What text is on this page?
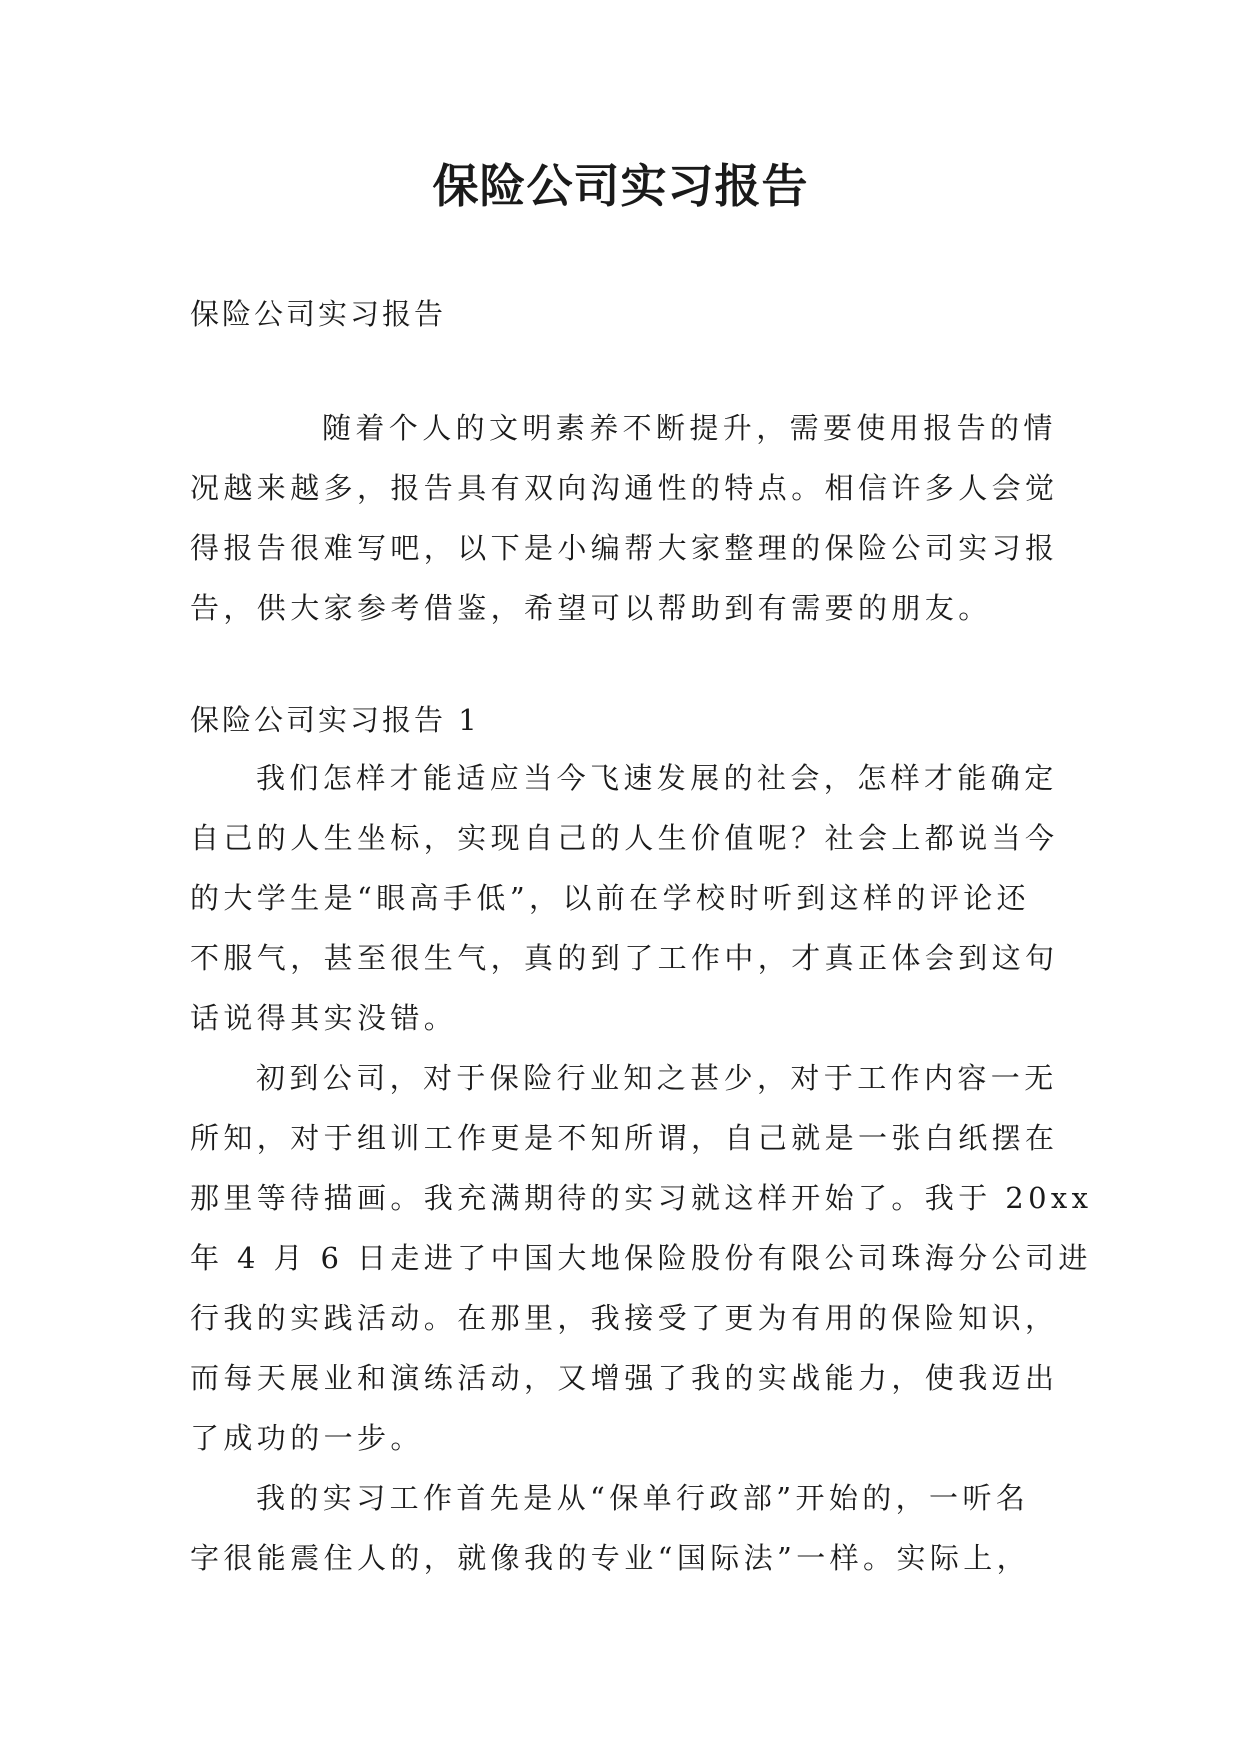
保险公司实习报告
保险公司实习报告
随着个人的文明素养不断提升，需要使用报告的情
况越来越多，报告具有双向沟通性的特点。相信许多人会觉
得报告很难写吧，以下是小编帮大家整理的保险公司实习报
告，供大家参考借鉴，希望可以帮助到有需要的朋友。
保险公司实习报告 1
我们怎样才能适应当今飞速发展的社会，怎样才能确定
自己的人生坐标，实现自己的人生价值呢？社会上都说当今
的大学生是“眼高手低”，以前在学校时听到这样的评论还
不服气，甚至很生气，真的到了工作中，才真正体会到这句
话说得其实没错。
初到公司，对于保险行业知之甚少，对于工作内容一无
所知，对于组训工作更是不知所谓，自己就是一张白纸摆在
那里等待描画。我充满期待的实习就这样开始了。我于 20xx
年 4 月 6 日走进了中国大地保险股份有限公司珠海分公司进
行我的实践活动。在那里，我接受了更为有用的保险知识，
而每天展业和演练活动，又增强了我的实战能力，使我迈出
了成功的一步。
我的实习工作首先是从“保单行政部”开始的，一听名
字很能震住人的，就像我的专业“国际法”一样。实际上，
